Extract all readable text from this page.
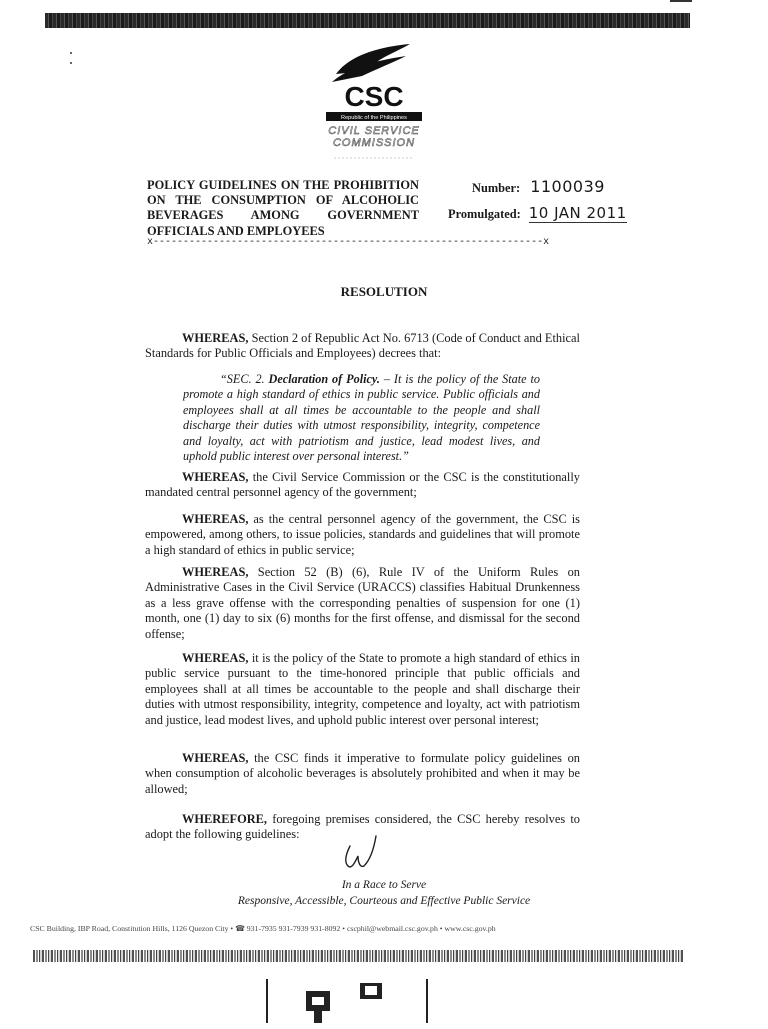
CSC
Republic of the Philippines
CIVIL SERVICE
COMMISSION
POLICY GUIDELINES ON THE PROHIBITION
ON THE CONSUMPTION OF ALCOHOLIC
BEVERAGES AMONG GOVERNMENT
OFFICIALS AND EMPLOYEES
x-----------------------------------------------------------------x
Number: 1100039
Promulgated: 10 JAN 2011
RESOLUTION
WHEREAS, Section 2 of Republic Act No. 6713 (Code of Conduct and Ethical Standards for Public Officials and Employees) decrees that:
“SEC. 2. Declaration of Policy. – It is the policy of the State to promote a high standard of ethics in public service. Public officials and employees shall at all times be accountable to the people and shall discharge their duties with utmost responsibility, integrity, competence and loyalty, act with patriotism and justice, lead modest lives, and uphold public interest over personal interest.”
WHEREAS, the Civil Service Commission or the CSC is the constitutionally mandated central personnel agency of the government;
WHEREAS, as the central personnel agency of the government, the CSC is empowered, among others, to issue policies, standards and guidelines that will promote a high standard of ethics in public service;
WHEREAS, Section 52 (B) (6), Rule IV of the Uniform Rules on Administrative Cases in the Civil Service (URACCS) classifies Habitual Drunkenness as a less grave offense with the corresponding penalties of suspension for one (1) month, one (1) day to six (6) months for the first offense, and dismissal for the second offense;
WHEREAS, it is the policy of the State to promote a high standard of ethics in public service pursuant to the time-honored principle that public officials and employees shall at all times be accountable to the people and shall discharge their duties with utmost responsibility, integrity, competence and loyalty, act with patriotism and justice, lead modest lives, and uphold public interest over personal interest;
WHEREAS, the CSC finds it imperative to formulate policy guidelines on when consumption of alcoholic beverages is absolutely prohibited and when it may be allowed;
WHEREFORE, foregoing premises considered, the CSC hereby resolves to adopt the following guidelines:
In a Race to Serve
Responsive, Accessible, Courteous and Effective Public Service
CSC Building, IBP Road, Constitution Hills, 1126 Quezon City • ☎ 931-7935 931-7939 931-8092 • cscphil@webmail.csc.gov.ph • www.csc.gov.ph
